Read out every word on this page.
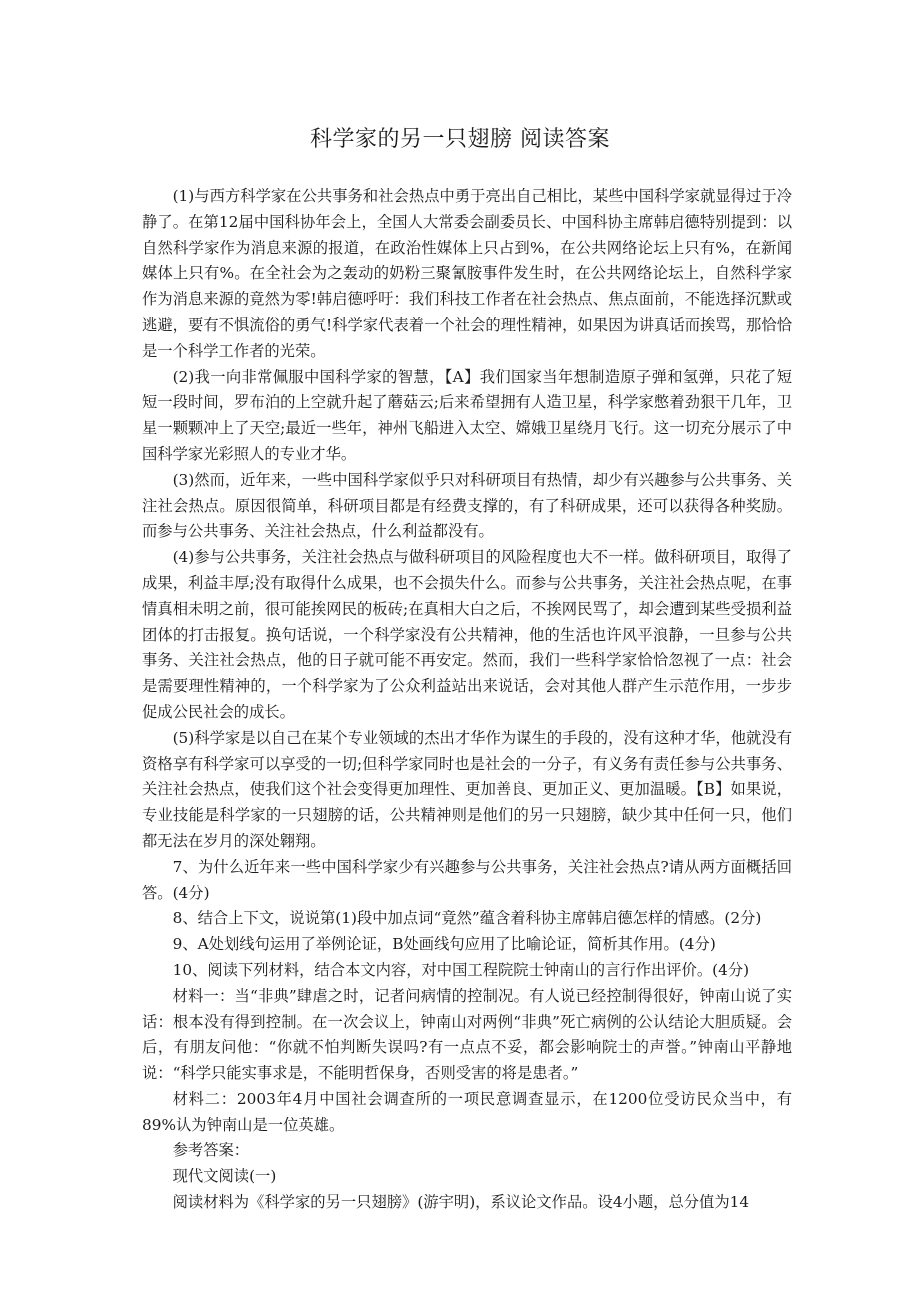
科学家的另一只翅膀 阅读答案

(1)与西方科学家在公共事务和社会热点中勇于亮出自己相比，某些中国科学家就显得过于冷静了。在第12届中国科协年会上，全国人大常委会副委员长、中国科协主席韩启德特别提到：以自然科学家作为消息来源的报道，在政治性媒体上只占到%，在公共网络论坛上只有%，在新闻媒体上只有%。在全社会为之轰动的奶粉三聚氰胺事件发生时，在公共网络论坛上，自然科学家作为消息来源的竟然为零!韩启德呼吁：我们科技工作者在社会热点、焦点面前，不能选择沉默或逃避，要有不惧流俗的勇气!科学家代表着一个社会的理性精神，如果因为讲真话而挨骂，那恰恰是一个科学工作者的光荣。

(2)我一向非常佩服中国科学家的智慧，【A】我们国家当年想制造原子弹和氢弹，只花了短短一段时间，罗布泊的上空就升起了蘑菇云;后来希望拥有人造卫星，科学家憋着劲狠干几年，卫星一颗颗冲上了天空;最近一些年，神州飞船进入太空、嫦娥卫星绕月飞行。这一切充分展示了中国科学家光彩照人的专业才华。

(3)然而，近年来，一些中国科学家似乎只对科研项目有热情，却少有兴趣参与公共事务、关注社会热点。原因很简单，科研项目都是有经费支撑的，有了科研成果，还可以获得各种奖励。而参与公共事务、关注社会热点，什么利益都没有。

(4)参与公共事务，关注社会热点与做科研项目的风险程度也大不一样。做科研项目，取得了成果，利益丰厚;没有取得什么成果，也不会损失什么。而参与公共事务，关注社会热点呢，在事情真相未明之前，很可能挨网民的板砖;在真相大白之后，不挨网民骂了，却会遭到某些受损利益团体的打击报复。换句话说，一个科学家没有公共精神，他的生活也许风平浪静，一旦参与公共事务、关注社会热点，他的日子就可能不再安定。然而，我们一些科学家恰恰忽视了一点：社会是需要理性精神的，一个科学家为了公众利益站出来说话，会对其他人群产生示范作用，一步步促成公民社会的成长。

(5)科学家是以自己在某个专业领域的杰出才华作为谋生的手段的，没有这种才华，他就没有资格享有科学家可以享受的一切;但科学家同时也是社会的一分子，有义务有责任参与公共事务、关注社会热点，使我们这个社会变得更加理性、更加善良、更加正义、更加温暖。【B】如果说，专业技能是科学家的一只翅膀的话，公共精神则是他们的另一只翅膀，缺少其中任何一只，他们都无法在岁月的深处翱翔。

7、为什么近年来一些中国科学家少有兴趣参与公共事务，关注社会热点?请从两方面概括回答。(4分)

8、结合上下文，说说第(1)段中加点词“竟然”蕴含着科协主席韩启德怎样的情感。(2分)

9、A处划线句运用了举例论证，B处画线句应用了比喻论证，简析其作用。(4分)

10、阅读下列材料，结合本文内容，对中国工程院院士钟南山的言行作出评价。(4分)

材料一：当“非典”肆虐之时，记者问病情的控制况。有人说已经控制得很好，钟南山说了实话：根本没有得到控制。在一次会议上，钟南山对两例“非典”死亡病例的公认结论大胆质疑。会后，有朋友问他：“你就不怕判断失误吗?有一点点不妥，都会影响院士的声誉。”钟南山平静地说：“科学只能实事求是，不能明哲保身，否则受害的将是患者。”

材料二：2003年4月中国社会调查所的一项民意调查显示，在1200位受访民众当中，有89%认为钟南山是一位英雄。

参考答案：

现代文阅读(一)

阅读材料为《科学家的另一只翅膀》(游宇明)，系议论文作品。设4小题，总分值为14
